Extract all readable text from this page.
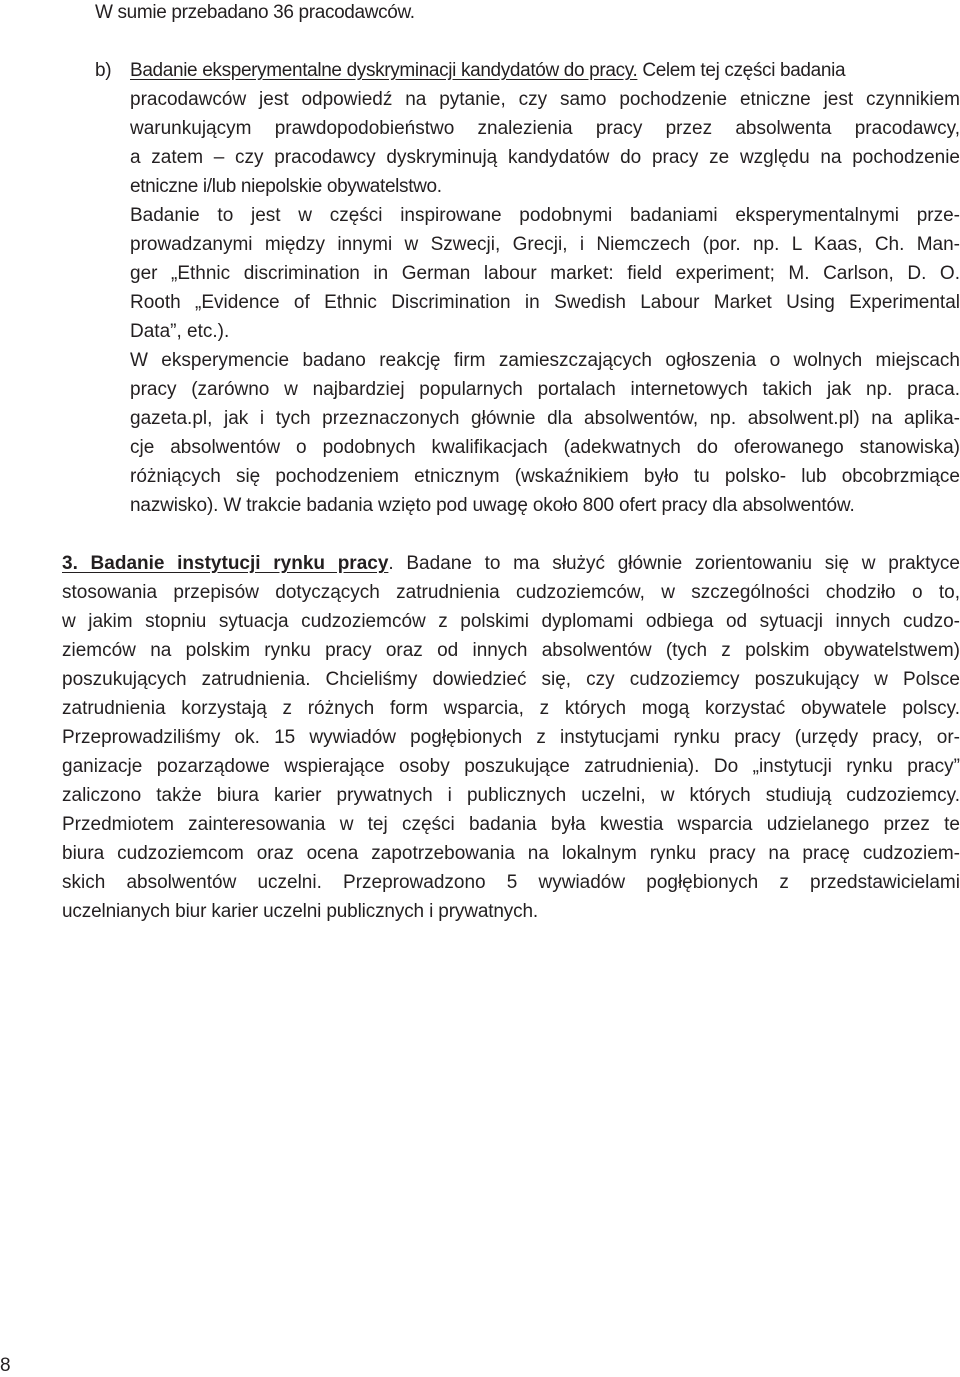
W sumie przebadano 36 pracodawców.
b) Badanie eksperymentalne dyskryminacji kandydatów do pracy. Celem tej części badania
pracodawców jest odpowiedź na pytanie, czy samo pochodzenie etniczne jest czynnikiem
warunkującym prawdopodobieństwo znalezienia pracy przez absolwenta pracodawcy,
a zatem – czy pracodawcy dyskryminują kandydatów do pracy ze względu na pochodzenie
etniczne i/lub niepolskie obywatelstwo.
Badanie to jest w części inspirowane podobnymi badaniami eksperymentalnymi prze-
prowadzanymi między innymi w Szwecji, Grecji, i Niemczech (por. np. L Kaas, Ch. Man-
ger „Ethnic discrimination in German labour market: field experiment; M. Carlson, D. O.
Rooth „Evidence of Ethnic Discrimination in Swedish Labour Market Using Experimental
Data”, etc.).
W eksperymencie badano reakcję firm zamieszczających ogłoszenia o wolnych miejscach
pracy (zarówno w najbardziej popularnych portalach internetowych takich jak np. praca.
gazeta.pl, jak i tych przeznaczonych głównie dla absolwentów, np. absolwent.pl) na aplika-
cje absolwentów o podobnych kwalifikacjach (adekwatnych do oferowanego stanowiska)
różniących się pochodzeniem etnicznym (wskaźnikiem było tu polsko- lub obcobrzmiące
nazwisko). W trakcie badania wzięto pod uwagę około 800 ofert pracy dla absolwentów.
3. Badanie instytucji rynku pracy. Badane to ma służyć głównie zorientowaniu się w praktyce
stosowania przepisów dotyczących zatrudnienia cudzoziemców, w szczególności chodziło o to,
w jakim stopniu sytuacja cudzoziemców z polskimi dyplomami odbiega od sytuacji innych cudzo-
ziemców na polskim rynku pracy oraz od innych absolwentów (tych z polskim obywatelstwem)
poszukujących zatrudnienia. Chcieliśmy dowiedzieć się, czy cudzoziemcy poszukujący w Polsce
zatrudnienia korzystają z różnych form wsparcia, z których mogą korzystać obywatele polscy.
Przeprowadziliśmy ok. 15 wywiadów pogłębionych z instytucjami rynku pracy (urzędy pracy, or-
ganizacje pozarządowe wspierające osoby poszukujące zatrudnienia). Do „instytucji rynku pracy”
zaliczono także biura karier prywatnych i publicznych uczelni, w których studiują cudzoziemcy.
Przedmiotem zainteresowania w tej części badania była kwestia wsparcia udzielanego przez te
biura cudzoziemcom oraz ocena zapotrzebowania na lokalnym rynku pracy na pracę cudzoziem-
skich absolwentów uczelni. Przeprowadzono 5 wywiadów pogłębionych z przedstawicielami
uczelnianych biur karier uczelni publicznych i prywatnych.
8
